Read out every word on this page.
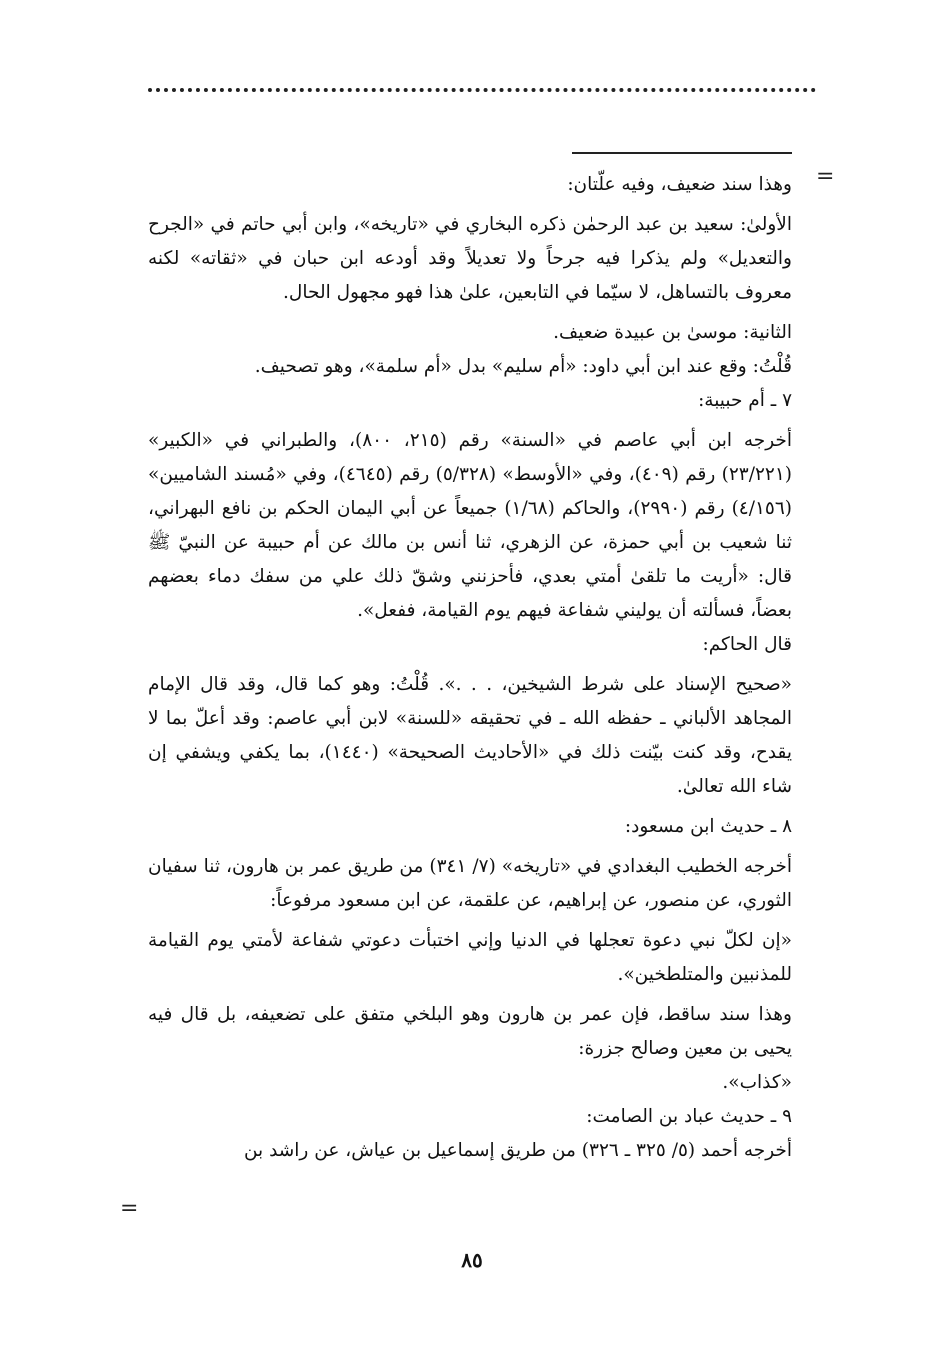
=

وهذا سند ضعيف، وفيه علّتان:

الأولىٰ: سعيد بن عبد الرحمٰن ذكره البخاري في «تاريخه»، وابن أبي حاتم في «الجرح والتعديل» ولم يذكرا فيه جرحاً ولا تعديلاً وقد أودعه ابن حبان في «ثقاته» لكنه معروف بالتساهل، لا سيّما في التابعين، علىٰ هذا فهو مجهول الحال.

الثانية: موسىٰ بن عبيدة ضعيف.

قُلْتُ: وقع عند ابن أبي داود: «أم سليم» بدل «أم سلمة»، وهو تصحيف.

٧ ـ أم حبيبة:

أخرجه ابن أبي عاصم في «السنة» رقم (٢١٥، ٨٠٠)، والطبراني في «الكبير» (٢٣/٢٢١) رقم (٤٠٩)، وفي «الأوسط» (٥/٣٢٨) رقم (٤٦٤٥)، وفي «مُسند الشاميين» (٤/١٥٦) رقم (٢٩٩٠)، والحاكم (١/٦٨) جميعاً عن أبي اليمان الحكم بن نافع البهراني، ثنا شعيب بن أبي حمزة، عن الزهري، ثنا أنس بن مالك عن أم حبيبة عن النبيّ ﷺ قال: «أريت ما تلقىٰ أمتي بعدي، فأحزنني وشقّ ذلك علي من سفك دماء بعضهم بعضاً، فسألته أن يوليني شفاعة فيهم يوم القيامة، ففعل».

قال الحاكم:

«صحيح الإسناد على شرط الشيخين، . . .». قُلْتُ: وهو كما قال، وقد قال الإمام المجاهد الألباني ـ حفظه الله ـ في تحقيقه «للسنة» لابن أبي عاصم: وقد أعلّ بما لا يقدح، وقد كنت بيّنت ذلك في «الأحاديث الصحيحة» (١٤٤٠)، بما يكفي ويشفي إن شاء الله تعالىٰ.

٨ ـ حديث ابن مسعود:

أخرجه الخطيب البغدادي في «تاريخه» (٧/ ٣٤١) من طريق عمر بن هارون، ثنا سفيان الثوري، عن منصور، عن إبراهيم، عن علقمة، عن ابن مسعود مرفوعاً:

«إن لكلّ نبي دعوة تعجلها في الدنيا وإني اختبأت دعوتي شفاعة لأمتي يوم القيامة للمذنبين والمتلطخين».

وهذا سند ساقط، فإن عمر بن هارون وهو البلخي متفق على تضعيفه، بل قال فيه يحيى بن معين وصالح جزرة:

«كذاب».

٩ ـ حديث عباد بن الصامت:

أخرجه أحمد (٥/ ٣٢٥ ـ ٣٢٦) من طريق إسماعيل بن عياش، عن راشد بن

=
٨٥
